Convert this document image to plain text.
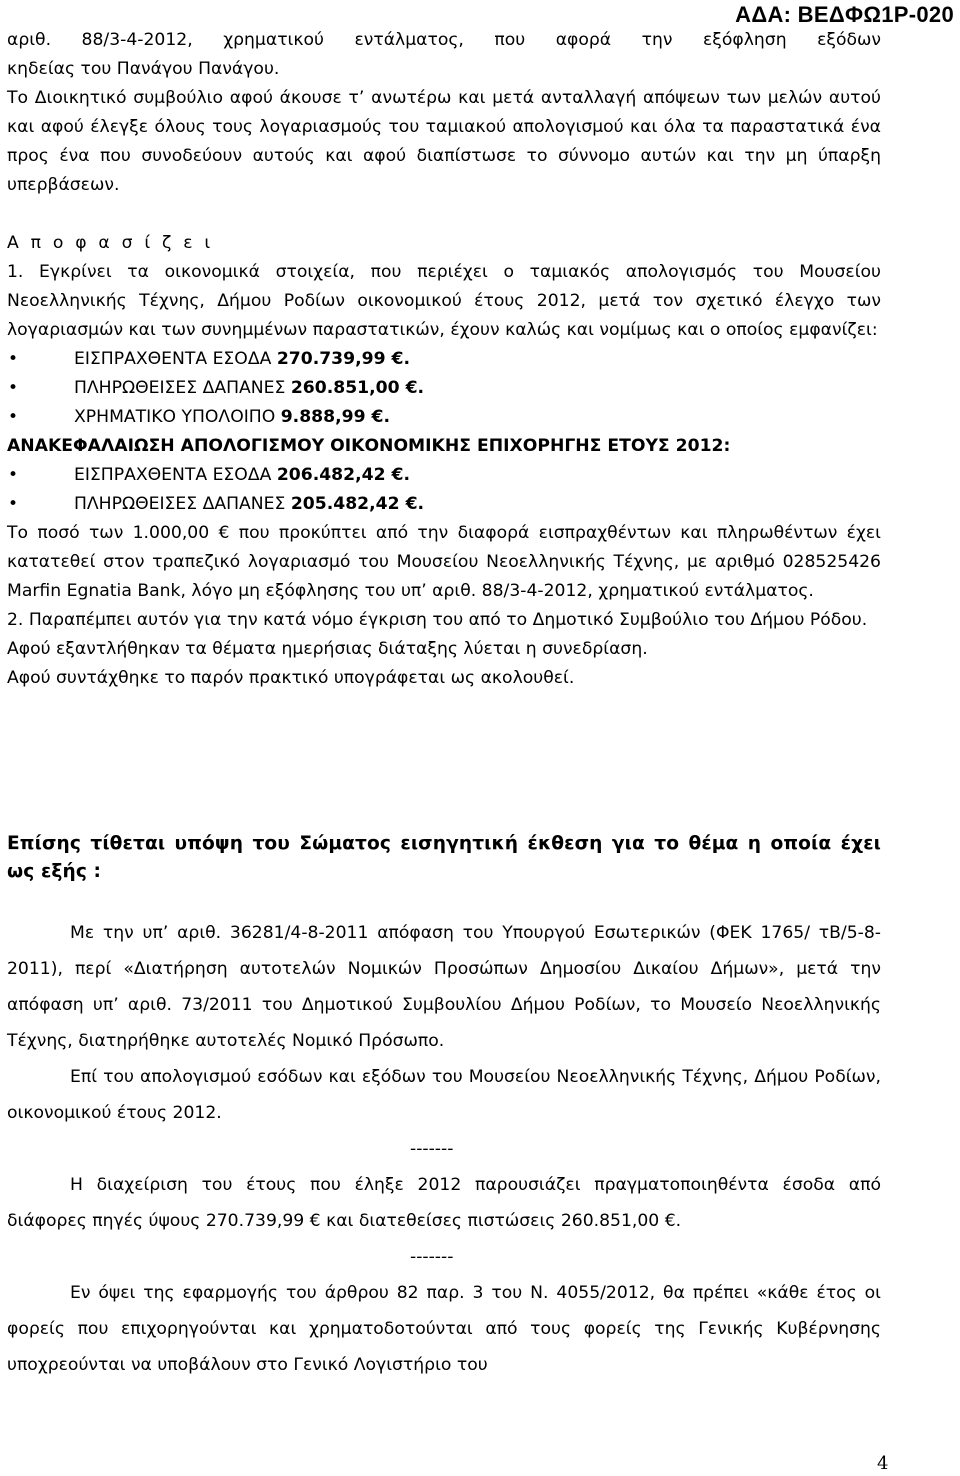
ΑΔΑ: ΒΕΔΦΩ1Ρ-020

αριθ. 88/3-4-2012, χρηματικού εντάλματος, που αφορά την εξόφληση εξόδων

κηδείας του Πανάγου Πανάγου.

Το Διοικητικό συμβούλιο αφού άκουσε τ’ ανωτέρω και μετά ανταλλαγή απόψεων των μελών αυτού και αφού έλεγξε όλους τους λογαριασμούς του ταμιακού απολογισμού και όλα τα παραστατικά ένα προς ένα που συνοδεύουν αυτούς και αφού διαπίστωσε το σύννομο αυτών και την μη ύπαρξη υπερβάσεων.

Α π ο φ α σ ί ζ ε ι

1. Εγκρίνει τα οικονομικά στοιχεία, που περιέχει ο ταμιακός απολογισμός του Μουσείου Νεοελληνικής Τέχνης, Δήμου Ροδίων οικονομικού έτους 2012, μετά τον σχετικό έλεγχο των λογαριασμών και των συνημμένων παραστατικών, έχουν καλώς και νομίμως και ο οποίος εμφανίζει:

• ΕΙΣΠΡΑΧΘΕΝΤΑ ΕΣΟΔΑ 270.739,99 €.
• ΠΛΗΡΩΘΕΙΣΕΣ ΔΑΠΑΝΕΣ 260.851,00 €.
• ΧΡΗΜΑΤΙΚΟ ΥΠΟΛΟΙΠΟ 9.888,99 €.

ΑΝΑΚΕΦΑΛΑΙΩΣΗ ΑΠΟΛΟΓΙΣΜΟΥ ΟΙΚΟΝΟΜΙΚΗΣ ΕΠΙΧΟΡΗΓΗΣ ΕΤΟΥΣ 2012:

• ΕΙΣΠΡΑΧΘΕΝΤΑ ΕΣΟΔΑ 206.482,42 €.
• ΠΛΗΡΩΘΕΙΣΕΣ ΔΑΠΑΝΕΣ 205.482,42 €.

Το ποσό των 1.000,00 € που προκύπτει από την διαφορά εισπραχθέντων και πληρωθέντων έχει κατατεθεί στον τραπεζικό λογαριασμό του Μουσείου Νεοελληνικής Τέχνης, με αριθμό 028525426 Marfin Egnatia Bank, λόγο μη εξόφλησης του υπ’ αριθ. 88/3-4-2012, χρηματικού εντάλματος.

2. Παραπέμπει αυτόν για την κατά νόμο έγκριση του από το Δημοτικό Συμβούλιο του Δήμου Ρόδου.

Αφού εξαντλήθηκαν τα θέματα ημερήσιας διάταξης λύεται η συνεδρίαση.

Αφού συντάχθηκε το παρόν πρακτικό υπογράφεται ως ακολουθεί.

Επίσης τίθεται υπόψη του Σώματος εισηγητική έκθεση για το θέμα η οποία έχει ως εξής :

Με την υπ’ αριθ. 36281/4-8-2011 απόφαση του Υπουργού Εσωτερικών (ΦΕΚ 1765/ τΒ/5-8-2011), περί «Διατήρηση αυτοτελών Νομικών Προσώπων Δημοσίου Δικαίου Δήμων», μετά την απόφαση υπ’ αριθ. 73/2011 του Δημοτικού Συμβουλίου Δήμου Ροδίων, το Μουσείο Νεοελληνικής Τέχνης, διατηρήθηκε αυτοτελές Νομικό Πρόσωπο.

Επί του απολογισμού εσόδων και εξόδων του Μουσείου Νεοελληνικής Τέχνης, Δήμου Ροδίων, οικονομικού έτους 2012.

-------

Η διαχείριση του έτους που έληξε 2012 παρουσιάζει πραγματοποιηθέντα έσοδα από διάφορες πηγές ύψους 270.739,99 € και διατεθείσες πιστώσεις 260.851,00 €.

-------

Εν όψει της εφαρμογής του άρθρου 82 παρ. 3 του Ν. 4055/2012, θα πρέπει «κάθε έτος οι φορείς που επιχορηγούνται και χρηματοδοτούνται από τους φορείς της Γενικής Κυβέρνησης υποχρεούνται να υποβάλουν στο Γενικό Λογιστήριο του

4
